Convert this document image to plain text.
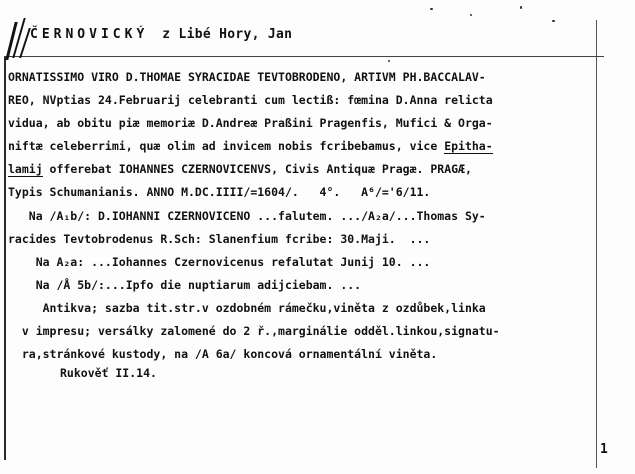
ČERNOVICKÝ z Libé Hory, Jan
ORNATISSIMO VIRO D.THOMAE SYRACIDAE TEVTOBRODENO, ARTIVM PH.BACCALAV-
REO, NVptias 24.Februarij celebranti cum lectiß: fœmina D.Anna relicta
vidua, ab obitu piæ memoriæ D.Andreæ Praßini Pragenfis, Mufici & Orga-
niftæ celeberrimi, quæ olim ad invicem nobis fcribebamus, vice Epitha-
lamij offerebat IOHANNES CZERNOVICENVS, Civis Antiquæ Pragæ. PRAGÆ,
Typis Schumanianis. ANNO M.DC.IIII/=1604/.   4°.   A⁶/='6/11.
Na /A₁b/: D.IOHANNI CZERNOVICENO ...falutem. .../A₂a/...Thomas Sy-
racides Tevtobrodenus R.Sch: Slanenfium fcribe: 30.Maji.  ...
Na A₂a: ...Iohannes Czernovicenus refalutat Junij 10. ...
Na /Å 5b/:...Ipfo die nuptiarum adijciebam. ...
Antikva; sazba tit.str.v ozdobném rámečku,viněta z ozdůbek,linka
v impresu; versálky zalomené do 2 ř.,marginálie odděl.linkou,signatu-
ra,stránkové kustody, na /A 6a/ koncová ornamentální viněta.
Rukověť II.14.
1
